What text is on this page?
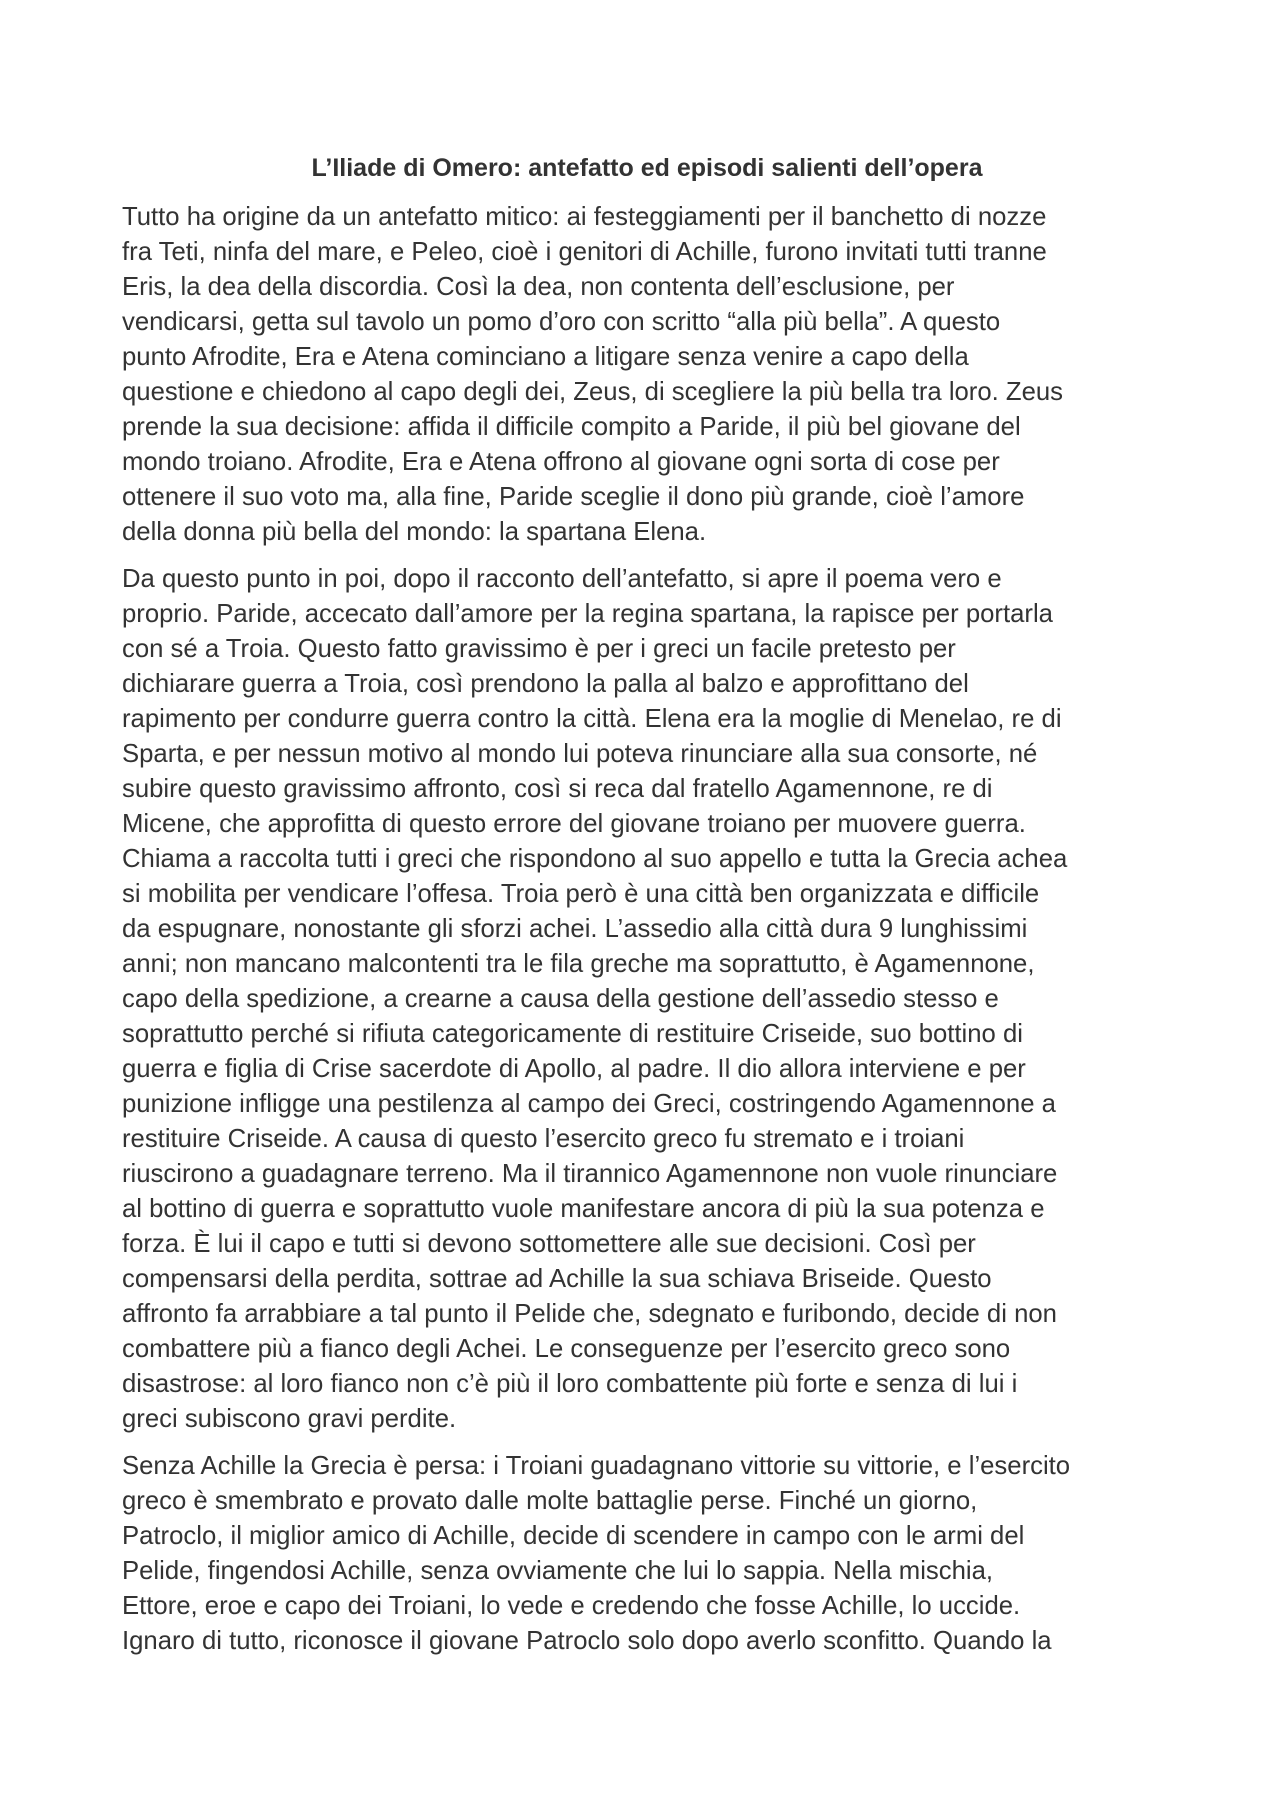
L’Iliade di Omero: antefatto ed episodi salienti dell’opera

Tutto ha origine da un antefatto mitico: ai festeggiamenti per il banchetto di nozze
fra Teti, ninfa del mare, e Peleo, cioè i genitori di Achille, furono invitati tutti tranne
Eris, la dea della discordia. Così la dea, non contenta dell’esclusione, per
vendicarsi, getta sul tavolo un pomo d’oro con scritto “alla più bella”. A questo
punto Afrodite, Era e Atena cominciano a litigare senza venire a capo della
questione e chiedono al capo degli dei, Zeus, di scegliere la più bella tra loro. Zeus
prende la sua decisione: affida il difficile compito a Paride, il più bel giovane del
mondo troiano. Afrodite, Era e Atena offrono al giovane ogni sorta di cose per
ottenere il suo voto ma, alla fine, Paride sceglie il dono più grande, cioè l’amore
della donna più bella del mondo: la spartana Elena.

Da questo punto in poi, dopo il racconto dell’antefatto, si apre il poema vero e
proprio. Paride, accecato dall’amore per la regina spartana, la rapisce per portarla
con sé a Troia. Questo fatto gravissimo è per i greci un facile pretesto per
dichiarare guerra a Troia, così prendono la palla al balzo e approfittano del
rapimento per condurre guerra contro la città. Elena era la moglie di Menelao, re di
Sparta, e per nessun motivo al mondo lui poteva rinunciare alla sua consorte, né
subire questo gravissimo affronto, così si reca dal fratello Agamennone, re di
Micene, che approfitta di questo errore del giovane troiano per muovere guerra.
Chiama a raccolta tutti i greci che rispondono al suo appello e tutta la Grecia achea
si mobilita per vendicare l’offesa. Troia però è una città ben organizzata e difficile
da espugnare, nonostante gli sforzi achei. L’assedio alla città dura 9 lunghissimi
anni; non mancano malcontenti tra le fila greche ma soprattutto, è Agamennone,
capo della spedizione, a crearne a causa della gestione dell’assedio stesso e
soprattutto perché si rifiuta categoricamente di restituire Criseide, suo bottino di
guerra e figlia di Crise sacerdote di Apollo, al padre. Il dio allora interviene e per
punizione infligge una pestilenza al campo dei Greci, costringendo Agamennone a
restituire Criseide. A causa di questo l’esercito greco fu stremato e i troiani
riuscirono a guadagnare terreno. Ma il tirannico Agamennone non vuole rinunciare
al bottino di guerra e soprattutto vuole manifestare ancora di più la sua potenza e
forza. È lui il capo e tutti si devono sottomettere alle sue decisioni. Così per
compensarsi della perdita, sottrae ad Achille la sua schiava Briseide. Questo
affronto fa arrabbiare a tal punto il Pelide che, sdegnato e furibondo, decide di non
combattere più a fianco degli Achei. Le conseguenze per l’esercito greco sono
disastrose: al loro fianco non c’è più il loro combattente più forte e senza di lui i
greci subiscono gravi perdite.

Senza Achille la Grecia è persa: i Troiani guadagnano vittorie su vittorie, e l’esercito
greco è smembrato e provato dalle molte battaglie perse. Finché un giorno,
Patroclo, il miglior amico di Achille, decide di scendere in campo con le armi del
Pelide, fingendosi Achille, senza ovviamente che lui lo sappia. Nella mischia,
Ettore, eroe e capo dei Troiani, lo vede e credendo che fosse Achille, lo uccide.
Ignaro di tutto, riconosce il giovane Patroclo solo dopo averlo sconfitto. Quando la
